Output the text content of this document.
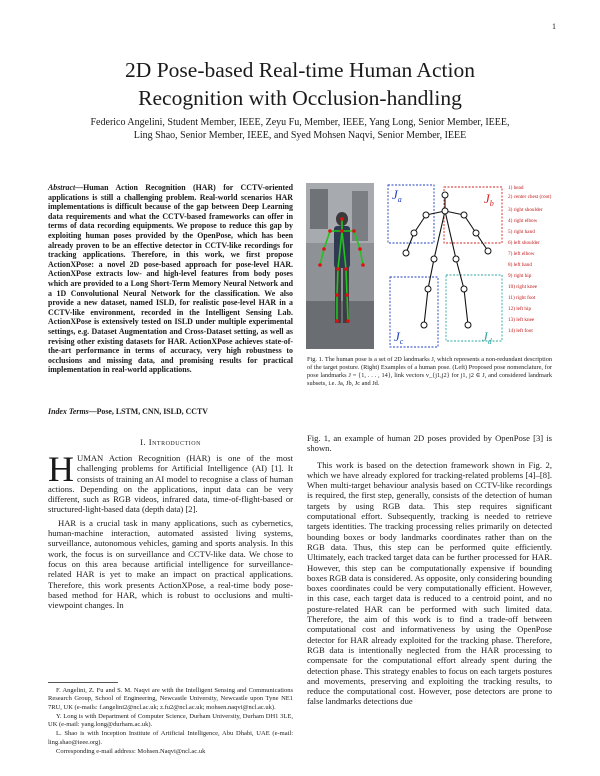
1
2D Pose-based Real-time Human Action
Recognition with Occlusion-handling
Federico Angelini, Student Member, IEEE, Zeyu Fu, Member, IEEE, Yang Long, Senior Member, IEEE,
Ling Shao, Senior Member, IEEE, and Syed Mohsen Naqvi, Senior Member, IEEE
Abstract—Human Action Recognition (HAR) for CCTV-oriented applications is still a challenging problem. Real-world scenarios HAR implementations is difficult because of the gap between Deep Learning data requirements and what the CCTV-based frameworks can offer in terms of data recording equipments. We propose to reduce this gap by exploiting human poses provided by the OpenPose, which has been already proven to be an effective detector in CCTV-like recordings for tracking applications. Therefore, in this work, we first propose ActionXPose: a novel 2D pose-based approach for pose-level HAR. ActionXPose extracts low- and high-level features from body poses which are provided to a Long Short-Term Memory Neural Network and a 1D Convolutional Neural Network for the classification. We also provide a new dataset, named ISLD, for realistic pose-level HAR in a CCTV-like environment, recorded in the Intelligent Sensing Lab. ActionXPose is extensively tested on ISLD under multiple experimental settings, e.g. Dataset Augmentation and Cross-Dataset setting, as well as revising other existing datasets for HAR. ActionXPose achieves state-of-the-art performance in terms of accuracy, very high robustness to occlusions and missing data, and promising results for practical implementation in real-world applications.
Index Terms—Pose, LSTM, CNN, ISLD, CCTV
I. Introduction
HUMAN Action Recognition (HAR) is one of the most challenging problems for Artificial Intelligence (AI) [1]. It consists of training an AI model to recognise a class of human actions. Depending on the applications, input data can be very different, such as RGB videos, infrared data, time-of-flight-based or structured-light-based data (depth data) [2].
HAR is a crucial task in many applications, such as cybernetics, human-machine interaction, automated assisted living systems, surveillance, autonomous vehicles, gaming and sports analysis. In this work, the focus is on surveillance and CCTV-like data. We chose to focus on this area because artificial intelligence for surveillance-related HAR is yet to make an impact on practical applications. Therefore, this work presents ActionXPose, a real-time body pose-based method for HAR, which is robust to occlusions and multi-viewpoint changes. In

F. Angelini, Z. Fu and S. M. Naqvi are with the Intelligent Sensing and Communications Research Group, School of Engineering, Newcastle University, Newcastle upon Tyne NE1 7RU, UK (e-mails: f.angelini2@ncl.ac.uk; z.fu2@ncl.ac.uk; mohsen.naqvi@ncl.ac.uk).

Y. Long is with Department of Computer Science, Durham University, Durham DH1 3LE, UK (e-mail: yang.long@durham.ac.uk).

L. Shao is with Inception Institute of Artificial Intelligence, Abu Dhabi, UAE (e-mail: ling.shao@ieee.org).

Corresponding e-mail address: Mohsen.Naqvi@ncl.ac.uk

$J_a$	$J_b$
$J_c$	$J_d$
1) head
2) center chest (root)
3) right shoulder
4) right elbow
5) right hand
6) left shoulder
7) left elbow
8) left hand
9) right hip
10) right knee
11) right foot
12) left hip
13) left knee
14) left foot
Fig. 1. The human pose is a set of 2D landmarks J, which represents a non-redundant description of the target posture. (Right) Examples of a human pose. (Left) Proposed pose nomenclature, for pose landmarks J = {1, . . . , 14}, link vectors v_{j1,j2} for j1, j2 ∈ J, and considered landmark subsets, i.e. Ja, Jb, Jc and Jd.

Fig. 1, an example of human 2D poses provided by OpenPose [3] is shown.

This work is based on the detection framework shown in Fig. 2, which we have already explored for tracking-related problems [4]–[8]. When multi-target behaviour analysis based on CCTV-like recordings is required, the first step, generally, consists of the detection of human targets by using RGB data. This step requires significant computational effort. Subsequently, tracking is needed to retrieve targets identities. The tracking processing relies primarily on detected bounding boxes or body landmarks coordinates rather than on the RGB data. Thus, this step can be performed quite efficiently. Ultimately, each tracked target data can be further processed for HAR. However, this step can be computationally expensive if bounding boxes RGB data is considered. As opposite, only considering bounding boxes coordinates could be very computationally efficient. However, in this case, each target data is reduced to a centroid point, and no posture-related HAR can be performed with such limited data. Therefore, the aim of this work is to find a trade-off between computational cost and informativeness by using the OpenPose detector for HAR already exploited for the tracking phase. Therefore, RGB data is intentionally neglected from the HAR processing to compensate for the computational effort already spent during the detection phase. This strategy enables to focus on each targets postures and movements, preserving and exploiting the tracking results, to reduce the computational cost. However, pose detectors are prone to false landmarks detections due
